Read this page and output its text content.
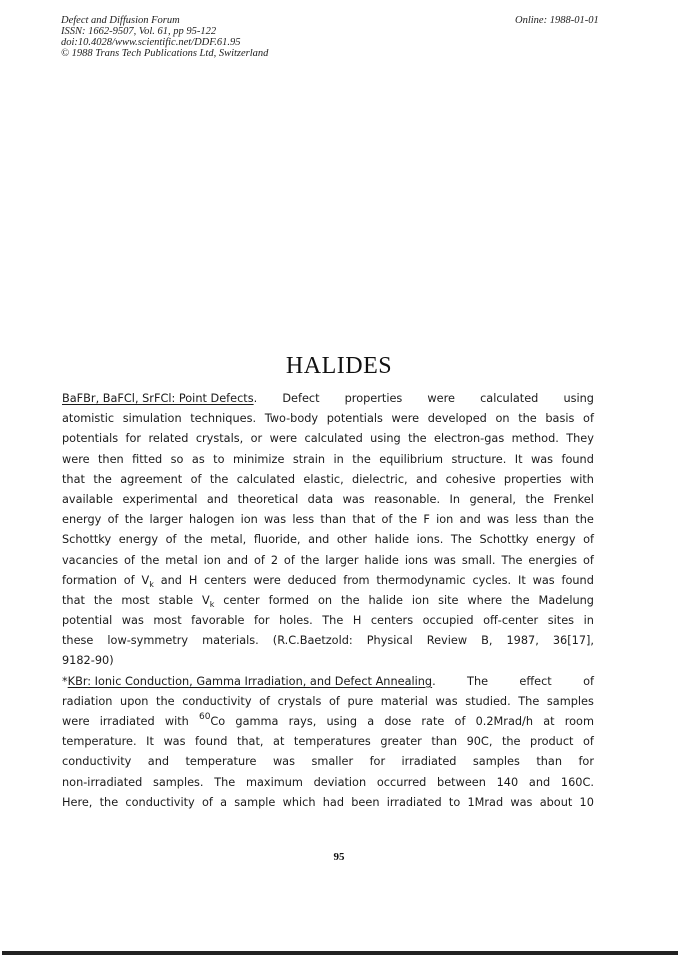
Defect and Diffusion Forum
ISSN: 1662-9507, Vol. 61, pp 95-122
doi:10.4028/www.scientific.net/DDF.61.95
© 1988 Trans Tech Publications Ltd, Switzerland
Online: 1988-01-01
HALIDES
BaFBr, BaFCl, SrFCl: Point Defects. Defect properties were calculated using
atomistic simulation techniques. Two-body potentials were developed on the basis of
potentials for related crystals, or were calculated using the electron-gas method. They
were then fitted so as to minimize strain in the equilibrium structure. It was found
that the agreement of the calculated elastic, dielectric, and cohesive properties with
available experimental and theoretical data was reasonable. In general, the Frenkel
energy of the larger halogen ion was less than that of the F ion and was less than the
Schottky energy of the metal, fluoride, and other halide ions. The Schottky energy of
vacancies of the metal ion and of 2 of the larger halide ions was small. The energies of
formation of $V_k$ and H centers were deduced from thermodynamic cycles. It was found
that the most stable $V_k$ center formed on the halide ion site where the Madelung
potential was most favorable for holes. The H centers occupied off-center sites in
these low-symmetry materials. (R.C.Baetzold: Physical Review B, 1987, 36[17],
9182-90)
*KBr: Ionic Conduction, Gamma Irradiation, and Defect Annealing.	The	effect	of
radiation upon the conductivity of crystals of pure material was studied. The samples
were irradiated with $^{60}$Co gamma rays, using a dose rate of 0.2Mrad/h at room
temperature. It was found that, at temperatures greater than 90C, the product of
conductivity and temperature was smaller for irradiated samples than for
non-irradiated samples. The maximum deviation occurred between 140 and 160C.
Here, the conductivity of a sample which had been irradiated to 1Mrad was about 10
95
